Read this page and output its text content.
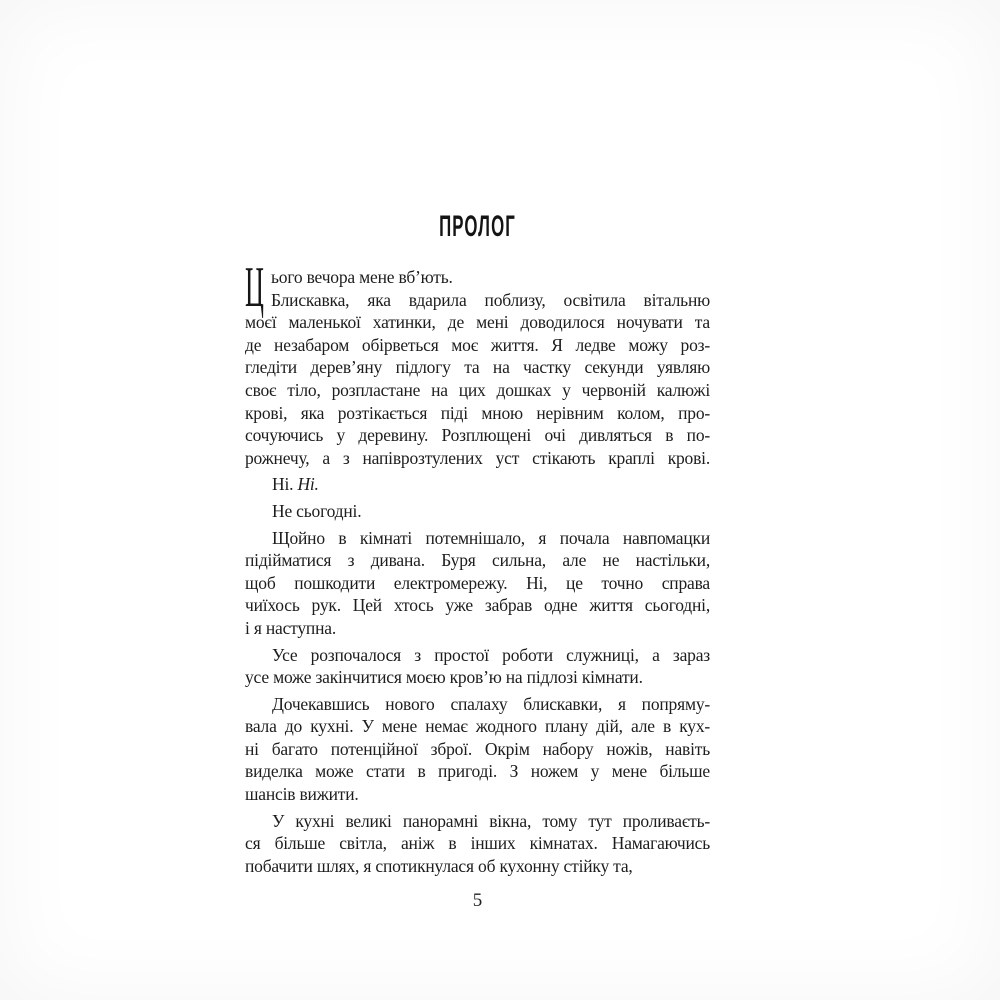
ПРОЛОГ
Ц ього вечора мене вб’ють.
Блискавка, яка вдарила поблизу, освітила вітальню
моєї маленької хатинки, де мені доводилося ночувати та
де незабаром обірветься моє життя. Я ледве можу роз-
гледіти дерев’яну підлогу та на частку секунди уявляю
своє тіло, розпластане на цих дошках у червоній калюжі
крові, яка розтікається піді мною нерівним колом, про-
сочуючись у деревину. Розплющені очі дивляться в по-
рожнечу, а з напіврозтулених уст стікають краплі крові.
Ні. Ні.
Не сьогодні.
Щойно в кімнаті потемнішало, я почала навпомацки
підійматися з дивана. Буря сильна, але не настільки,
щоб пошкодити електромережу. Ні, це точно справа
чиїхось рук. Цей хтось уже забрав одне життя сьогодні,
і я наступна.
Усе розпочалося з простої роботи служниці, а зараз
усе може закінчитися моєю кров’ю на підлозі кімнати.
Дочекавшись нового спалаху блискавки, я попряму-
вала до кухні. У мене немає жодного плану дій, але в кух-
ні багато потенційної зброї. Окрім набору ножів, навіть
виделка може стати в пригоді. З ножем у мене більше
шансів вижити.
У кухні великі панорамні вікна, тому тут проливаєть-
ся більше світла, аніж в інших кімнатах. Намагаючись
побачити шлях, я спотикнулася об кухонну стійку та,
5
